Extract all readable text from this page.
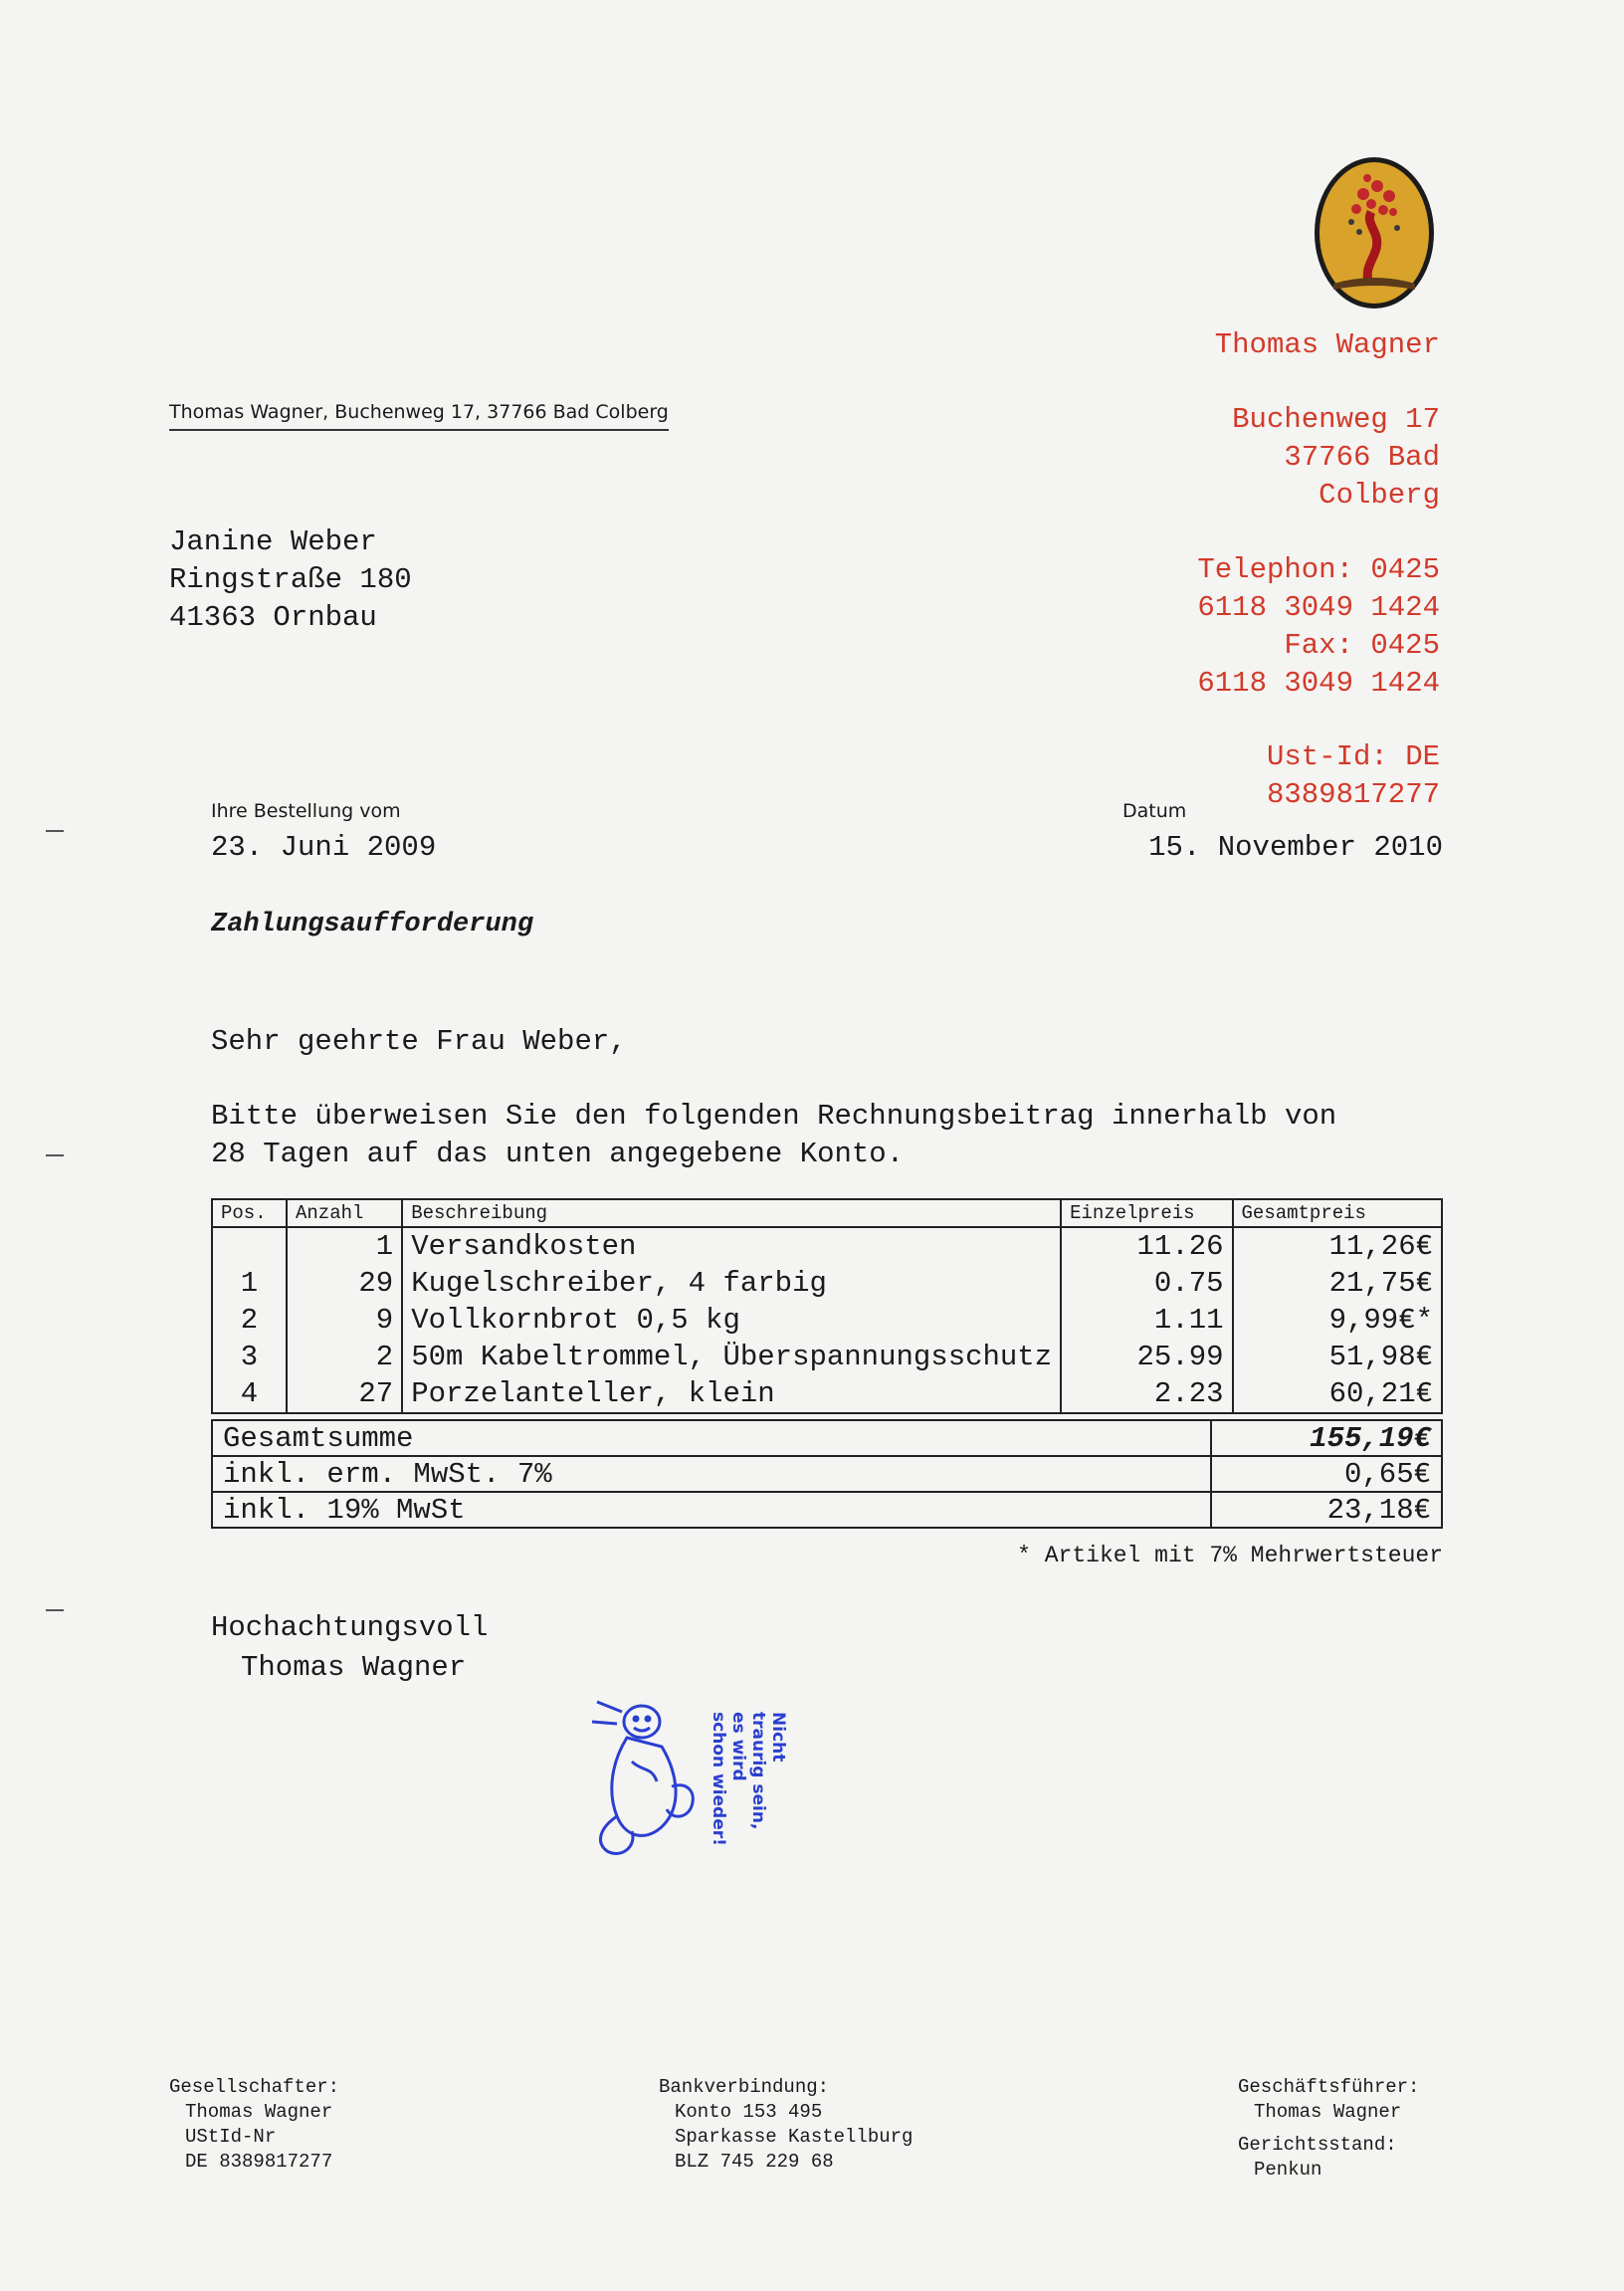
Thomas Wagner
Buchenweg 17
37766 Bad
Colberg
Telephon: 0425
6118 3049 1424
Fax: 0425
6118 3049 1424
Ust-Id: DE
8389817277
Thomas Wagner, Buchenweg 17, 37766 Bad Colberg
Janine Weber
Ringstraße 180
41363 Ornbau
Ihre Bestellung vom
23. Juni 2009
Datum
15. November 2010
Zahlungsaufforderung
Sehr geehrte Frau Weber,
Bitte überweisen Sie den folgenden Rechnungsbeitrag innerhalb von
28 Tagen auf das unten angegebene Konto.
Pos.	Anzahl	Beschreibung	Einzelpreis	Gesamtpreis
	1	Versandkosten	11.26	11,26€
1	29	Kugelschreiber, 4 farbig	0.75	21,75€
2	9	Vollkornbrot 0,5 kg	1.11	9,99€*
3	2	50m Kabeltrommel, Überspannungsschutz	25.99	51,98€
4	27	Porzelanteller, klein	2.23	60,21€
Gesamtsumme	155,19€
inkl. erm. MwSt. 7%	0,65€
inkl. 19% MwSt	23,18€
* Artikel mit 7% Mehrwertsteuer
Hochachtungsvoll
Thomas Wagner
Nicht
traurig sein,
es wird
schon wieder!
Gesellschafter:
Thomas Wagner
UStId-Nr
DE 8389817277
Bankverbindung:
Konto 153 495
Sparkasse Kastellburg
BLZ 745 229 68
Geschäftsführer:
Thomas Wagner
Gerichtsstand:
Penkun
